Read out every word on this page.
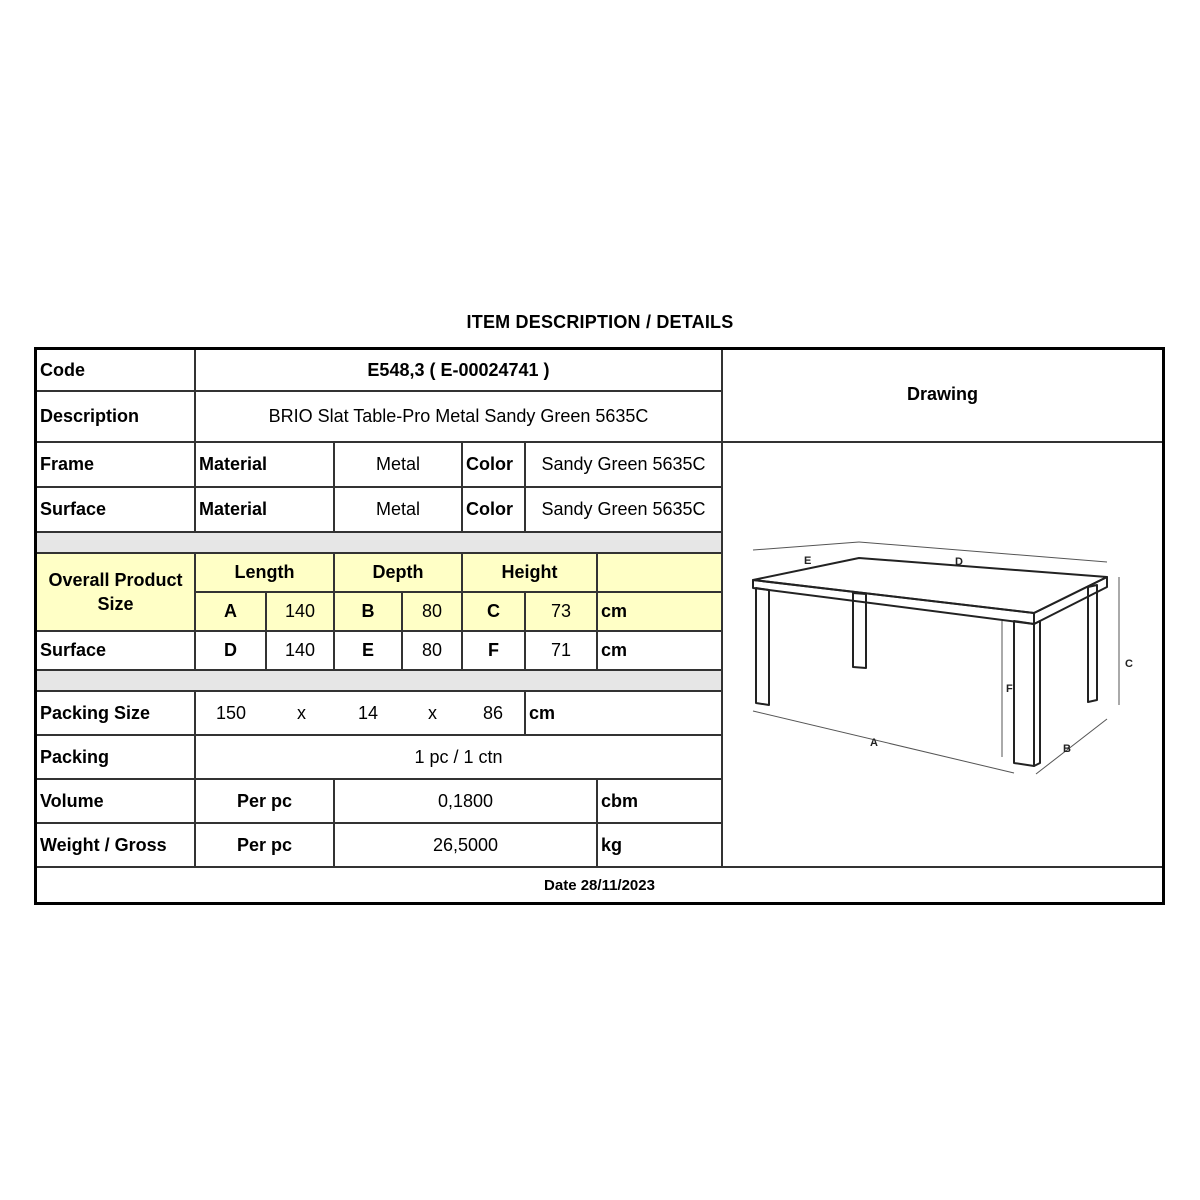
ITEM DESCRIPTION / DETAILS
Code	E548,3 ( E-00024741 )
Description	BRIO Slat Table-Pro Metal Sandy Green 5635C
Drawing
Frame	Material	Metal	Color	Sandy Green 5635C
Surface	Material	Metal	Color	Sandy Green 5635C
Overall Product Size
Length	Depth	Height
A	140	B	80	C	73	cm
Surface	D	140	E	80	F	71	cm
Packing Size	150	x	14	x	86 cm
Packing	1 pc / 1 ctn
Volume	Per pc	0,1800	cbm
Weight / Gross	Per pc	26,5000	kg
E	D
C
F
A	B
Date 28/11/2023
